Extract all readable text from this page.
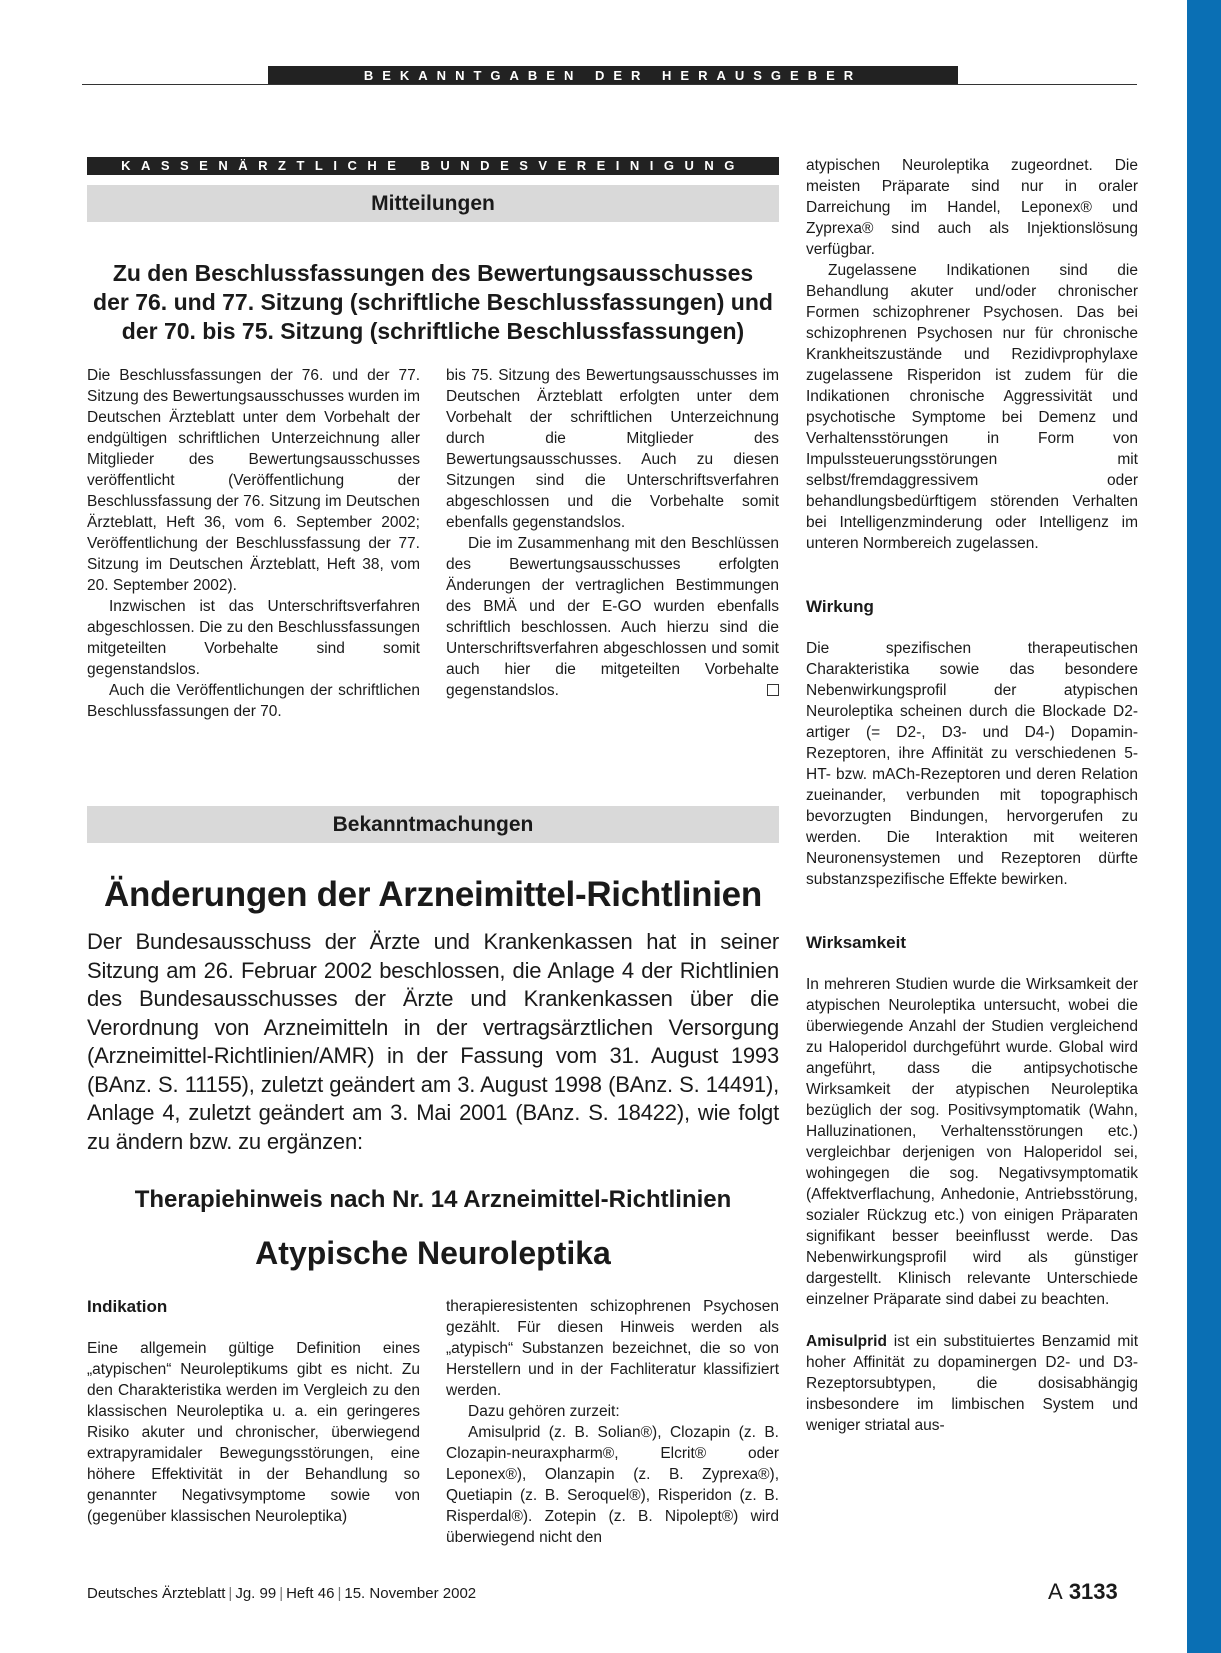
BEKANNTGABEN DER HERAUSGEBER
KASSENÄRZTLICHE BUNDESVEREINIGUNG
Mitteilungen
Zu den Beschlussfassungen des Bewertungsausschusses
der 76. und 77. Sitzung (schriftliche Beschlussfassungen) und
der 70. bis 75. Sitzung (schriftliche Beschlussfassungen)

Die Beschlussfassungen der 76. und der 77. Sitzung des Bewertungsausschusses wurden im Deutschen Ärzteblatt unter dem Vorbehalt der endgültigen schriftlichen Unterzeichnung aller Mitglieder des Bewertungsausschusses veröffentlicht (Veröffentlichung der Beschlussfassung der 76. Sitzung im Deutschen Ärzteblatt, Heft 36, vom 6. September 2002; Veröffentlichung der Beschlussfassung der 77. Sitzung im Deutschen Ärzteblatt, Heft 38, vom 20. September 2002).

Inzwischen ist das Unterschriftsverfahren abgeschlossen. Die zu den Beschlussfassungen mitgeteilten Vorbehalte sind somit gegenstandslos.

Auch die Veröffentlichungen der schriftlichen Beschlussfassungen der 70.

bis 75. Sitzung des Bewertungsausschusses im Deutschen Ärzteblatt erfolgten unter dem Vorbehalt der schriftlichen Unterzeichnung durch die Mitglieder des Bewertungsausschusses. Auch zu diesen Sitzungen sind die Unterschriftsverfahren abgeschlossen und die Vorbehalte somit ebenfalls gegenstandslos.

Die im Zusammenhang mit den Beschlüssen des Bewertungsausschusses erfolgten Änderungen der vertraglichen Bestimmungen des BMÄ und der E-GO wurden ebenfalls schriftlich beschlossen. Auch hierzu sind die Unterschriftsverfahren abgeschlossen und somit auch hier die mitgeteilten Vorbehalte gegenstandslos.

Bekanntmachungen
Änderungen der Arzneimittel-Richtlinien
Der Bundesausschuss der Ärzte und Krankenkassen hat in seiner Sitzung am 26. Februar 2002 beschlossen, die Anlage 4 der Richtlinien des Bundesausschusses der Ärzte und Krankenkassen über die Verordnung von Arzneimitteln in der vertragsärztlichen Versorgung (Arzneimittel-Richtlinien/AMR) in der Fassung vom 31. August 1993 (BAnz. S. 11155), zuletzt geändert am 3. August 1998 (BAnz. S. 14491), Anlage 4, zuletzt geändert am 3. Mai 2001 (BAnz. S. 18422), wie folgt zu ändern bzw. zu ergänzen:
Therapiehinweis nach Nr. 14 Arzneimittel-Richtlinien
Atypische Neuroleptika

Indikation

Eine allgemein gültige Definition eines „atypischen“ Neuroleptikums gibt es nicht. Zu den Charakteristika werden im Vergleich zu den klassischen Neuroleptika u. a. ein geringeres Risiko akuter und chronischer, überwiegend extrapyramidaler Bewegungsstörungen, eine höhere Effektivität in der Behandlung so genannter Negativsymptome sowie von (gegenüber klassischen Neuroleptika)

therapieresistenten schizophrenen Psychosen gezählt. Für diesen Hinweis werden als „atypisch“ Substanzen bezeichnet, die so von Herstellern und in der Fachliteratur klassifiziert werden.

Dazu gehören zurzeit:

Amisulprid (z. B. Solian®), Clozapin (z. B. Clozapin-neuraxpharm®, Elcrit® oder Leponex®), Olanzapin (z. B. Zyprexa®), Quetiapin (z. B. Seroquel®), Risperidon (z. B. Risperdal®). Zotepin (z. B. Nipolept®) wird überwiegend nicht den

atypischen Neuroleptika zugeordnet. Die meisten Präparate sind nur in oraler Darreichung im Handel, Leponex® und Zyprexa® sind auch als Injektionslösung verfügbar.

Zugelassene Indikationen sind die Behandlung akuter und/oder chronischer Formen schizophrener Psychosen. Das bei schizophrenen Psychosen nur für chronische Krankheitszustände und Rezidivprophylaxe zugelassene Risperidon ist zudem für die Indikationen chronische Aggressivität und psychotische Symptome bei Demenz und Verhaltensstörungen in Form von Impulssteuerungsstörungen mit selbst/fremdaggressivem oder behandlungsbedürftigem störenden Verhalten bei Intelligenzminderung oder Intelligenz im unteren Normbereich zugelassen.

Wirkung

Die spezifischen therapeutischen Charakteristika sowie das besondere Nebenwirkungsprofil der atypischen Neuroleptika scheinen durch die Blockade D2-artiger (= D2-, D3- und D4-) Dopamin-Rezeptoren, ihre Affinität zu verschiedenen 5-HT- bzw. mACh-Rezeptoren und deren Relation zueinander, verbunden mit topographisch bevorzugten Bindungen, hervorgerufen zu werden. Die Interaktion mit weiteren Neuronensystemen und Rezeptoren dürfte substanzspezifische Effekte bewirken.

Wirksamkeit

In mehreren Studien wurde die Wirksamkeit der atypischen Neuroleptika untersucht, wobei die überwiegende Anzahl der Studien vergleichend zu Haloperidol durchgeführt wurde. Global wird angeführt, dass die antipsychotische Wirksamkeit der atypischen Neuroleptika bezüglich der sog. Positivsymptomatik (Wahn, Halluzinationen, Verhaltensstörungen etc.) vergleichbar derjenigen von Haloperidol sei, wohingegen die sog. Negativsymptomatik (Affektverflachung, Anhedonie, Antriebsstörung, sozialer Rückzug etc.) von einigen Präparaten signifikant besser beeinflusst werde. Das Nebenwirkungsprofil wird als günstiger dargestellt. Klinisch relevante Unterschiede einzelner Präparate sind dabei zu beachten.

Amisulprid ist ein substituiertes Benzamid mit hoher Affinität zu dopaminergen D2- und D3-Rezeptorsubtypen, die dosisabhängig insbesondere im limbischen System und weniger striatal aus-

Deutsches Ärzteblatt | Jg. 99 | Heft 46 | 15. November 2002	A 3133
